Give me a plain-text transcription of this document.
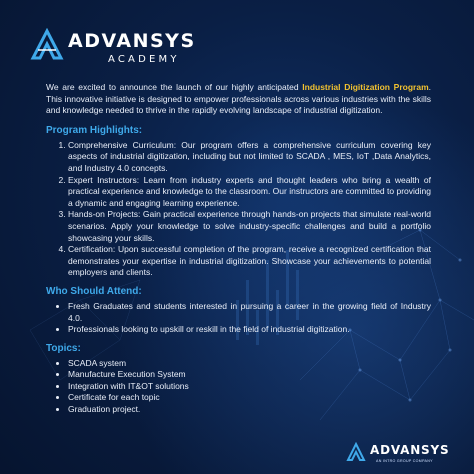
ADVANSYS
ACADEMY

We are excited to announce the launch of our highly anticipated Industrial Digitization Program. This innovative initiative is designed to empower professionals across various industries with the skills and knowledge needed to thrive in the rapidly evolving landscape of industrial digitization.

Program Highlights:
1. Comprehensive Curriculum: Our program offers a comprehensive curriculum covering key aspects of industrial digitization, including but not limited to SCADA , MES, IoT ,Data Analytics, and Industry 4.0 concepts.
2. Expert Instructors: Learn from industry experts and thought leaders who bring a wealth of practical experience and knowledge to the classroom. Our instructors are committed to providing a dynamic and engaging learning experience.
3. Hands-on Projects: Gain practical experience through hands-on projects that simulate real-world scenarios. Apply your knowledge to solve industry-specific challenges and build a portfolio showcasing your skills.
4. Certification: Upon successful completion of the program, receive a recognized certification that demonstrates your expertise in industrial digitization. Showcase your achievements to potential employers and clients.
Who Should Attend:
• Fresh Graduates and students interested in pursuing a career in the growing field of Industry 4.0.
• Professionals looking to upskill or reskill in the field of industrial digitization.
Topics:
• SCADA system
• Manufacture Execution System
• Integration with IT&OT solutions
• Certificate for each topic
• Graduation project.
ADVANSYS
AN INTRO GROUP COMPANY
